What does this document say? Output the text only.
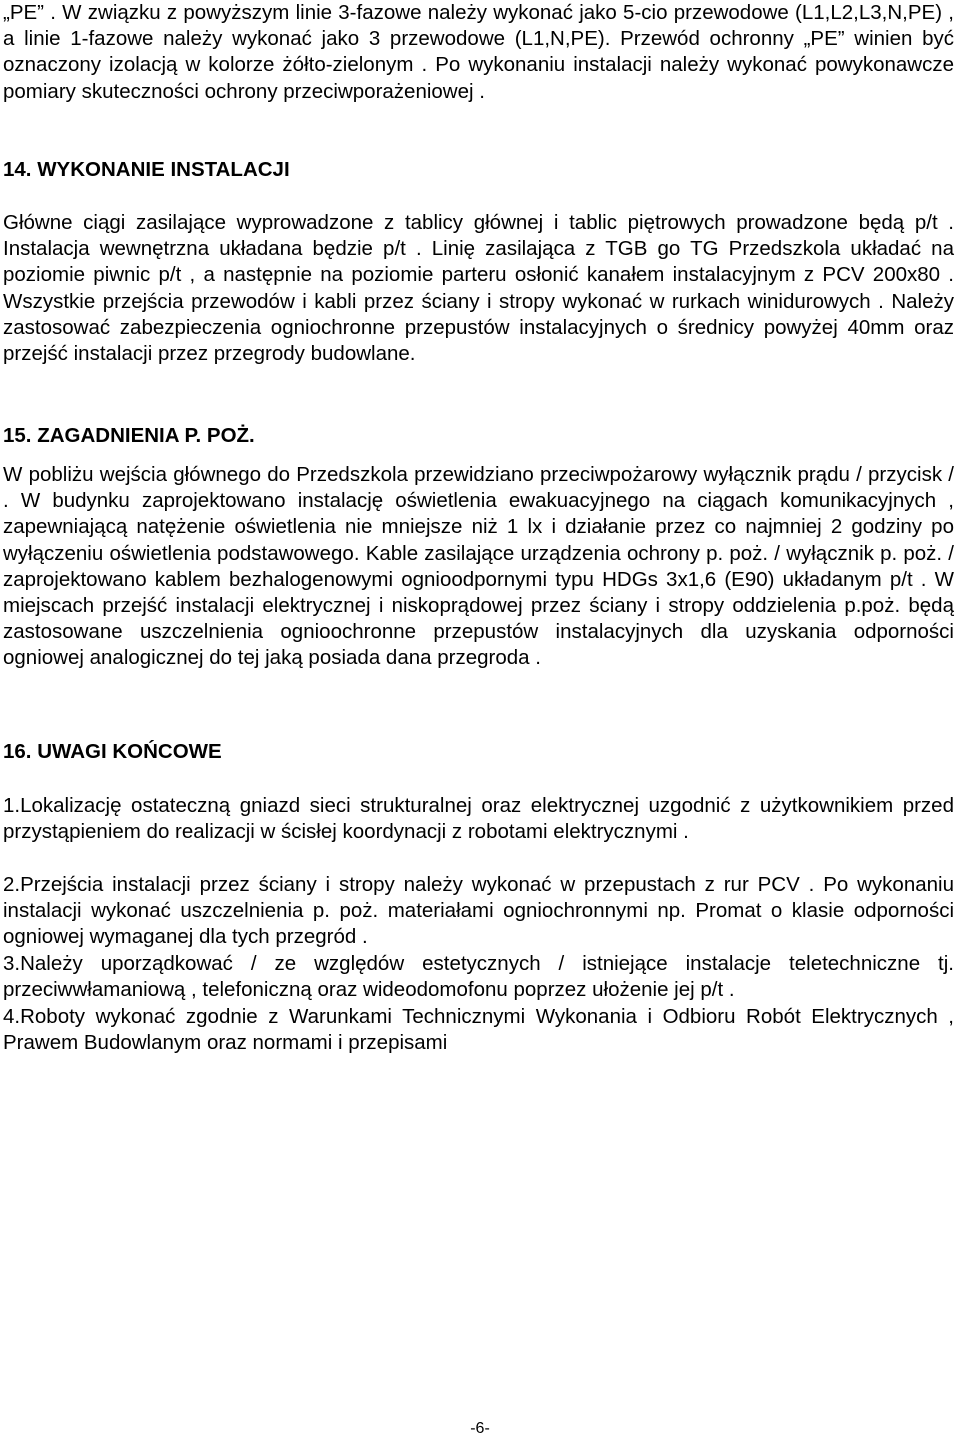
„PE” . W związku z powyższym linie 3-fazowe należy wykonać jako 5-cio przewodowe (L1,L2,L3,N,PE) , a linie 1-fazowe należy wykonać jako 3 przewodowe (L1,N,PE). Przewód ochronny „PE” winien być oznaczony izolacją w kolorze żółto-zielonym . Po wykonaniu instalacji należy wykonać powykonawcze pomiary skuteczności ochrony przeciwporażeniowej .

14. WYKONANIE INSTALACJI

Główne ciągi zasilające wyprowadzone z tablicy głównej i tablic piętrowych prowadzone będą p/t . Instalacja wewnętrzna układana będzie p/t . Linię zasilająca z TGB go TG Przedszkola układać na poziomie piwnic p/t , a następnie na poziomie parteru osłonić kanałem instalacyjnym z PCV 200x80 . Wszystkie przejścia przewodów i kabli przez ściany i stropy wykonać w rurkach winidurowych . Należy zastosować zabezpieczenia ogniochronne przepustów instalacyjnych o średnicy powyżej 40mm oraz przejść instalacji przez przegrody budowlane.

15. ZAGADNIENIA P. POŻ.

W pobliżu wejścia głównego do Przedszkola przewidziano przeciwpożarowy wyłącznik prądu / przycisk / . W budynku zaprojektowano instalację oświetlenia ewakuacyjnego na ciągach komunikacyjnych , zapewniającą natężenie oświetlenia nie mniejsze niż 1 lx i działanie przez co najmniej 2 godziny po wyłączeniu oświetlenia podstawowego. Kable zasilające urządzenia ochrony p. poż. / wyłącznik p. poż. / zaprojektowano kablem bezhalogenowymi ognioodpornymi typu HDGs 3x1,6 (E90) układanym p/t . W miejscach przejść instalacji elektrycznej i niskoprądowej przez ściany i stropy oddzielenia p.poż. będą zastosowane uszczelnienia ognioochronne przepustów instalacyjnych dla uzyskania odporności ogniowej analogicznej do tej jaką posiada dana przegroda .

16. UWAGI KOŃCOWE

1.Lokalizację ostateczną gniazd sieci strukturalnej oraz elektrycznej uzgodnić z użytkownikiem przed przystąpieniem do realizacji w ścisłej koordynacji z robotami elektrycznymi .

2.Przejścia instalacji przez ściany i stropy należy wykonać w przepustach z rur PCV . Po wykonaniu instalacji wykonać uszczelnienia p. poż. materiałami ogniochronnymi np. Promat o klasie odporności ogniowej wymaganej dla tych przegród .

3.Należy uporządkować / ze względów estetycznych / istniejące instalacje teletechniczne tj. przeciwwłamaniową , telefoniczną oraz wideodomofonu poprzez ułożenie jej p/t .

4.Roboty wykonać zgodnie z Warunkami Technicznymi Wykonania i Odbioru Robót Elektrycznych , Prawem Budowlanym oraz normami i przepisami

-6-
